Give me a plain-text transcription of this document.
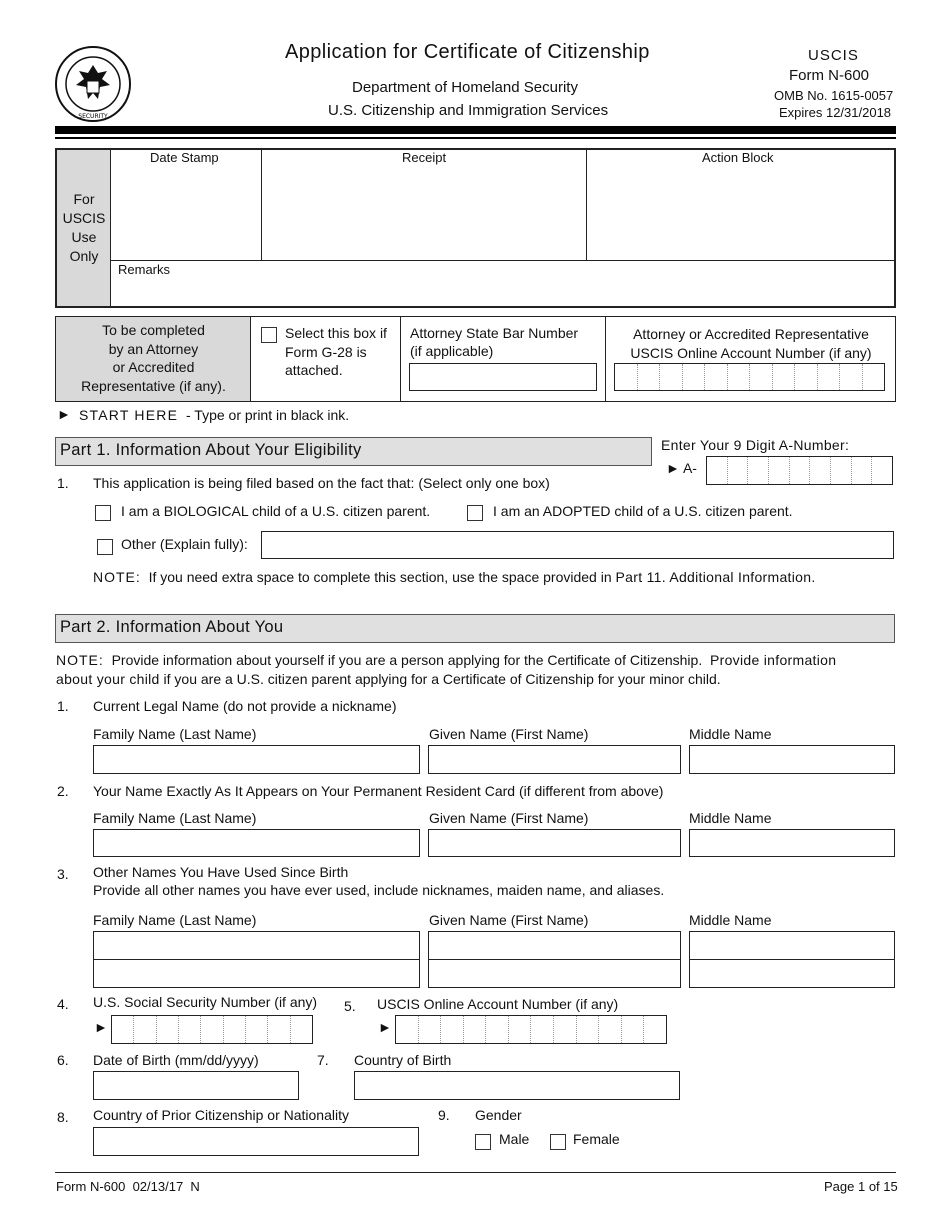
SECURITY
Application for Certificate of Citizenship
Department of Homeland Security
U.S. Citizenship and Immigration Services
USCIS
Form N-600
OMB No. 1615-0057
Expires 12/31/2018
For
USCIS
Use
Only
Date Stamp	Receipt	Action Block
Remarks
To be completed
by an Attorney
or Accredited
Representative (if any).
Select this box if
Form G-28 is
attached.
Attorney State Bar Number
(if applicable)
Attorney or Accredited Representative
USCIS Online Account Number (if any)
► START HERE - Type or print in black ink.
Part 1. Information About Your Eligibility	Enter Your 9 Digit A-Number:
► A-
1. This application is being filed based on the fact that: (Select only one box)
I am a BIOLOGICAL child of a U.S. citizen parent.	I am an ADOPTED child of a U.S. citizen parent.
Other (Explain fully):
NOTE: If you need extra space to complete this section, use the space provided in Part 11. Additional Information.
Part 2. Information About You
NOTE: Provide information about yourself if you are a person applying for the Certificate of Citizenship. Provide information
about your child if you are a U.S. citizen parent applying for a Certificate of Citizenship for your minor child.
1. Current Legal Name (do not provide a nickname)
Family Name (Last Name)	Given Name (First Name)	Middle Name
2. Your Name Exactly As It Appears on Your Permanent Resident Card (if different from above)
Family Name (Last Name)	Given Name (First Name)	Middle Name
3. Other Names You Have Used Since Birth
Provide all other names you have ever used, include nicknames, maiden name, and aliases.
Family Name (Last Name)	Given Name (First Name)	Middle Name
4. U.S. Social Security Number (if any)
►
5. USCIS Online Account Number (if any)
►
6. Date of Birth (mm/dd/yyyy)	7. Country of Birth
8. Country of Prior Citizenship or Nationality	9. Gender
Male	Female
Form N-600  02/13/17  N	Page 1 of 15
